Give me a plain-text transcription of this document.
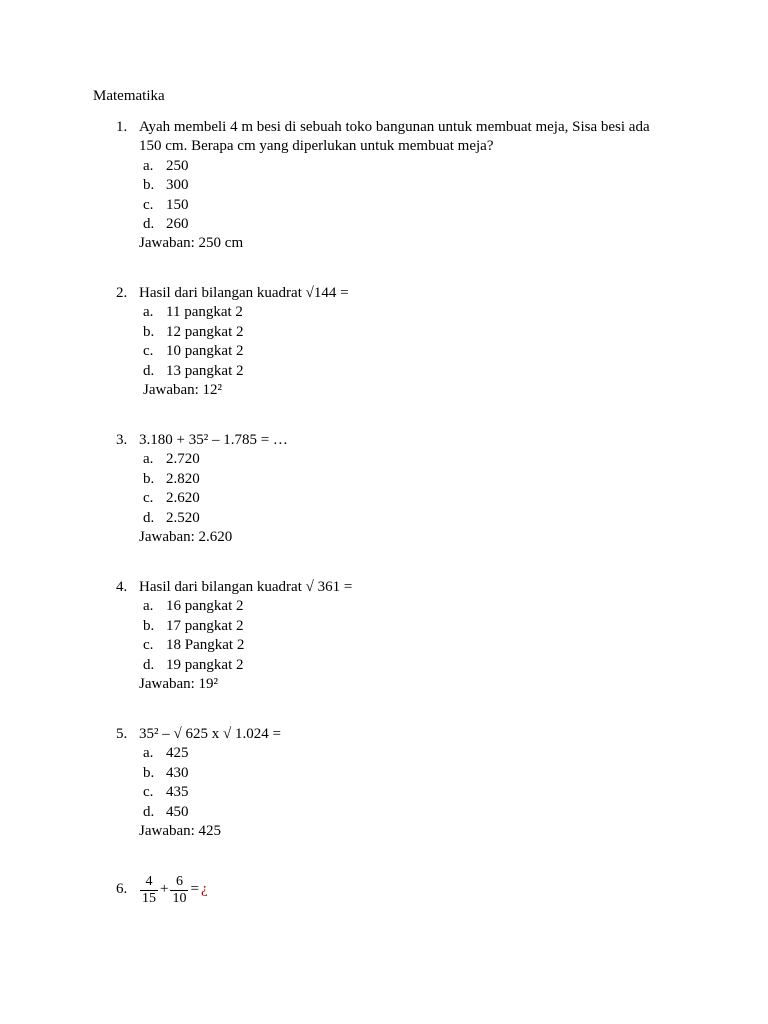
Matematika
1. Ayah membeli 4 m besi di sebuah toko bangunan untuk membuat meja, Sisa besi ada 150 cm. Berapa cm yang diperlukan untuk membuat meja?
a. 250
b. 300
c. 150
d. 260
Jawaban: 250 cm
2. Hasil dari bilangan kuadrat √144 =
a. 11 pangkat 2
b. 12 pangkat 2
c. 10 pangkat 2
d. 13 pangkat 2
Jawaban: 12²
3. 3.180 + 35² – 1.785 = …
a. 2.720
b. 2.820
c. 2.620
d. 2.520
Jawaban: 2.620
4. Hasil dari bilangan kuadrat √ 361 =
a. 16 pangkat 2
b. 17 pangkat 2
c. 18 Pangkat 2
d. 19 pangkat 2
Jawaban: 19²
5. 35² – √ 625 x √ 1.024 =
a. 425
b. 430
c. 435
d. 450
Jawaban: 425
6. $\frac{4}{15} + \frac{6}{10}$ = ¿
